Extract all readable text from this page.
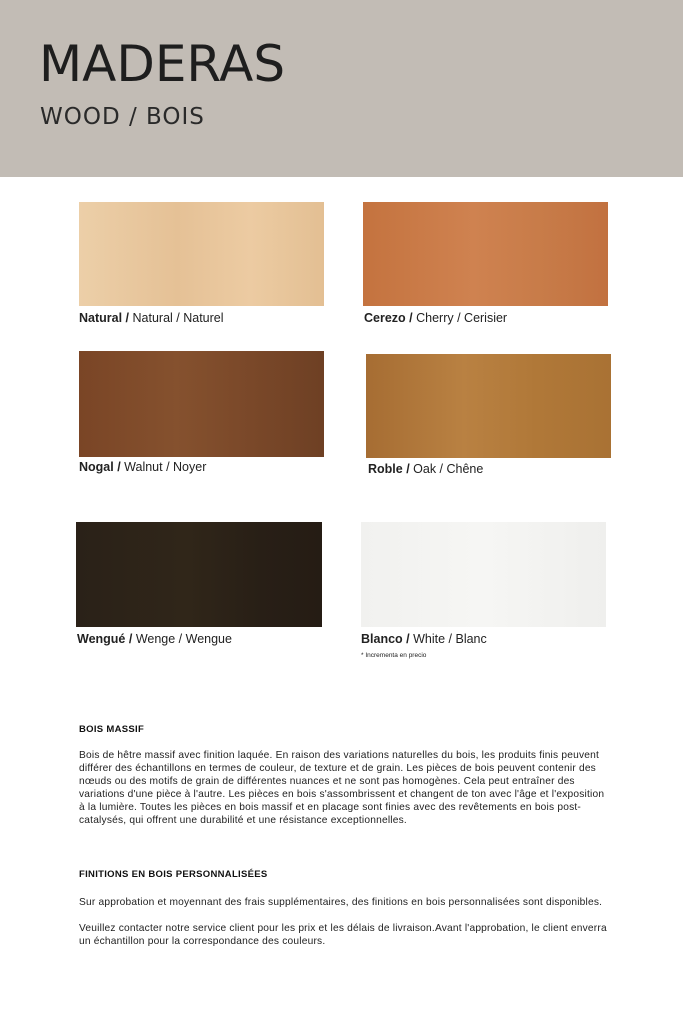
MADERAS
WOOD / BOIS
Natural / Natural / Naturel	Cerezo / Cherry / Cerisier
Nogal / Walnut / Noyer	Roble / Oak / Chêne
Wengué / Wenge / Wengue	Blanco / White / Blanc
* Incrementa en precio
BOIS MASSIF
Bois de hêtre massif avec finition laquée. En raison des variations naturelles du bois, les produits finis peuvent différer des échantillons en termes de couleur, de texture et de grain. Les pièces de bois peuvent contenir des nœuds ou des motifs de grain de différentes nuances et ne sont pas homogènes. Cela peut entraîner des variations d'une pièce à l'autre. Les pièces en bois s'assombrissent et changent de ton avec l'âge et l'exposition à la lumière. Toutes les pièces en bois massif et en placage sont finies avec des revêtements en bois post-catalysés, qui offrent une durabilité et une résistance exceptionnelles.
FINITIONS EN BOIS PERSONNALISÉES
Sur approbation et moyennant des frais supplémentaires, des finitions en bois personnalisées sont disponibles.
Veuillez contacter notre service client pour les prix et les délais de livraison.Avant l'approbation, le client enverra un échantillon pour la correspondance des couleurs.
